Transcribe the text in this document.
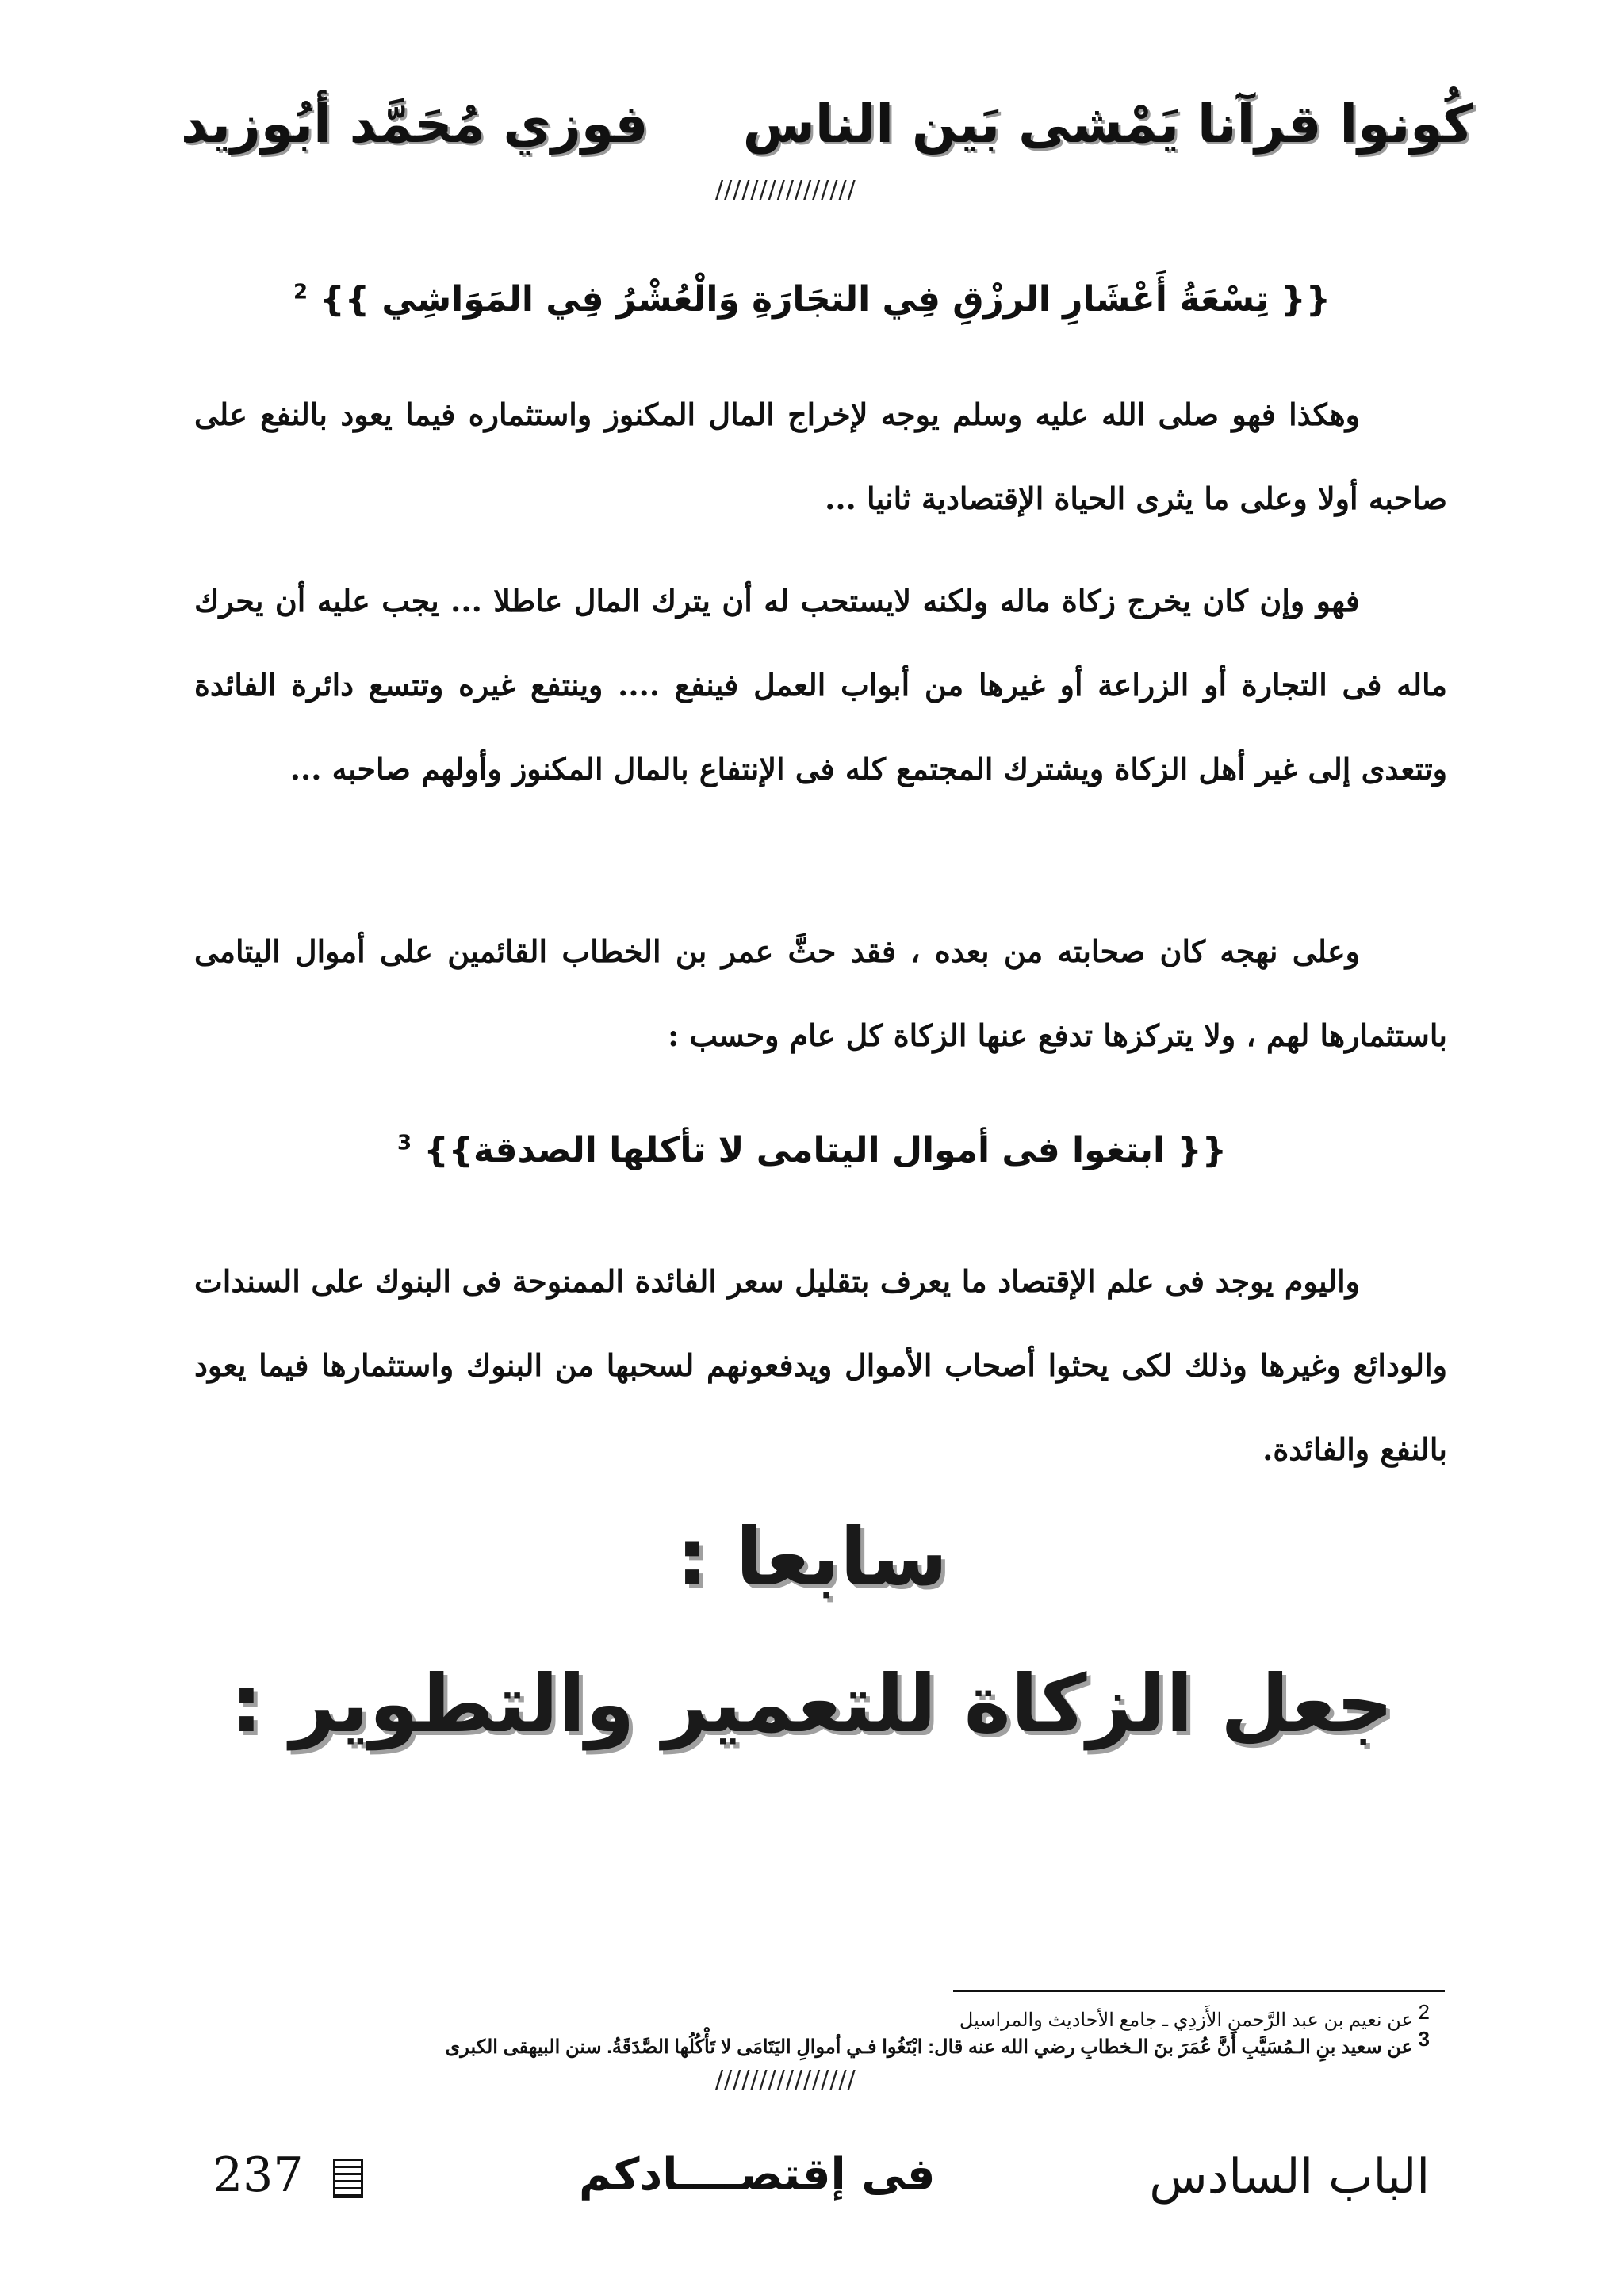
كُونوا قرآنا يَمْشى بَين الناس
فوزي مُحَمَّد أبُوزيد
////////////////
{{ تِسْعَةُ أَعْشَارِ الرزْقِ فِي التجَارَةِ وَالْعُشْرُ فِي المَوَاشِي }} $^2$
وهكذا فهو صلى الله عليه وسلم يوجه لإخراج المال المكنوز واستثماره فيما يعود بالنفع على صاحبه أولا وعلى ما يثرى الحياة الإقتصادية ثانيا ...
فهو وإن كان يخرج زكاة ماله ولكنه لايستحب له أن يترك المال عاطلا ... يجب عليه أن يحرك ماله فى التجارة أو الزراعة أو غيرها من أبواب العمل فينفع .... وينتفع غيره وتتسع دائرة الفائدة وتتعدى إلى غير أهل الزكاة ويشترك المجتمع كله فى الإنتفاع بالمال المكنوز وأولهم صاحبه ...
وعلى نهجه كان صحابته من بعده ، فقد حثَّ عمر بن الخطاب القائمين على أموال اليتامى باستثمارها لهم ، ولا يتركزها تدفع عنها الزكاة كل عام وحسب :
{{ ابتغوا فى أموال اليتامى لا تأكلها الصدقة}} $^3$
واليوم يوجد فى علم الإقتصاد ما يعرف بتقليل سعر الفائدة الممنوحة فى البنوك على السندات والودائع وغيرها وذلك لكى يحثوا أصحاب الأموال ويدفعونهم لسحبها من البنوك واستثمارها فيما يعود بالنفع والفائدة.
سابعا :
جعل الزكاة للتعمير والتطوير :
2 عن نعيم بن عبد الرَّحمنِ الأَزدِي ـ جامع الأحاديث والمراسيل
3 عن سعيد بنِ الـمُسَيَّبِ أَنَّ عُمَرَ بنَ الـخطابِ رضي الله عنه قال: ابْتَغُوا فـي أموالِ اليَتَامَى لا تَأْكُلُها الصَّدَقَةُ. سنن البيهقى الكبرى
////////////////
الباب السادس
فى إقتصــــادكم
237
